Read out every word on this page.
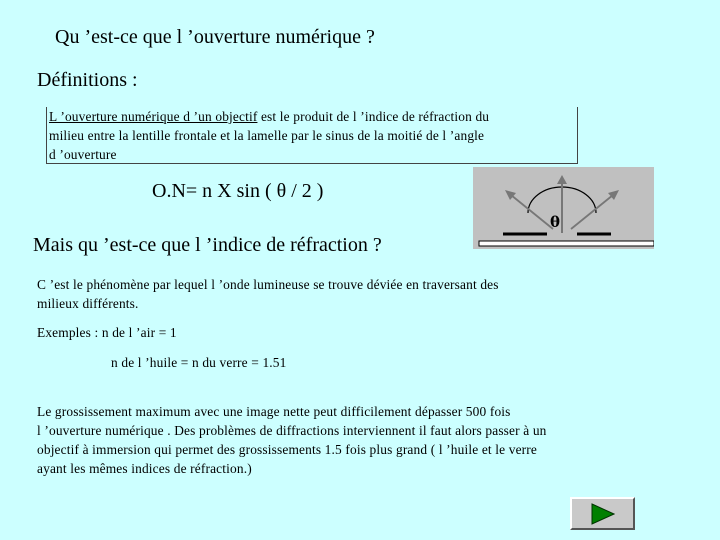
Qu ’est-ce que l ’ouverture numérique ?
Définitions :
L ’ouverture numérique d ’un objectif est le produit de l ’indice de réfraction du
milieu entre la lentille frontale et la lamelle par le sinus de la moitié de l ’angle
d ’ouverture
O.N= n X sin ( θ / 2 )
θ
Mais qu ’est-ce que l ’indice de réfraction ?
C ’est le phénomène par lequel l ’onde lumineuse se trouve déviée en traversant des
milieux différents.
Exemples : n de l ’air = 1
n de l ’huile = n du verre = 1.51
Le grossissement maximum avec une image nette peut difficilement dépasser 500 fois
l ’ouverture numérique . Des problèmes de diffractions interviennent il faut alors passer à un
objectif à immersion qui permet des grossissements 1.5 fois plus grand ( l ’huile et le verre
ayant les mêmes indices de réfraction.)
